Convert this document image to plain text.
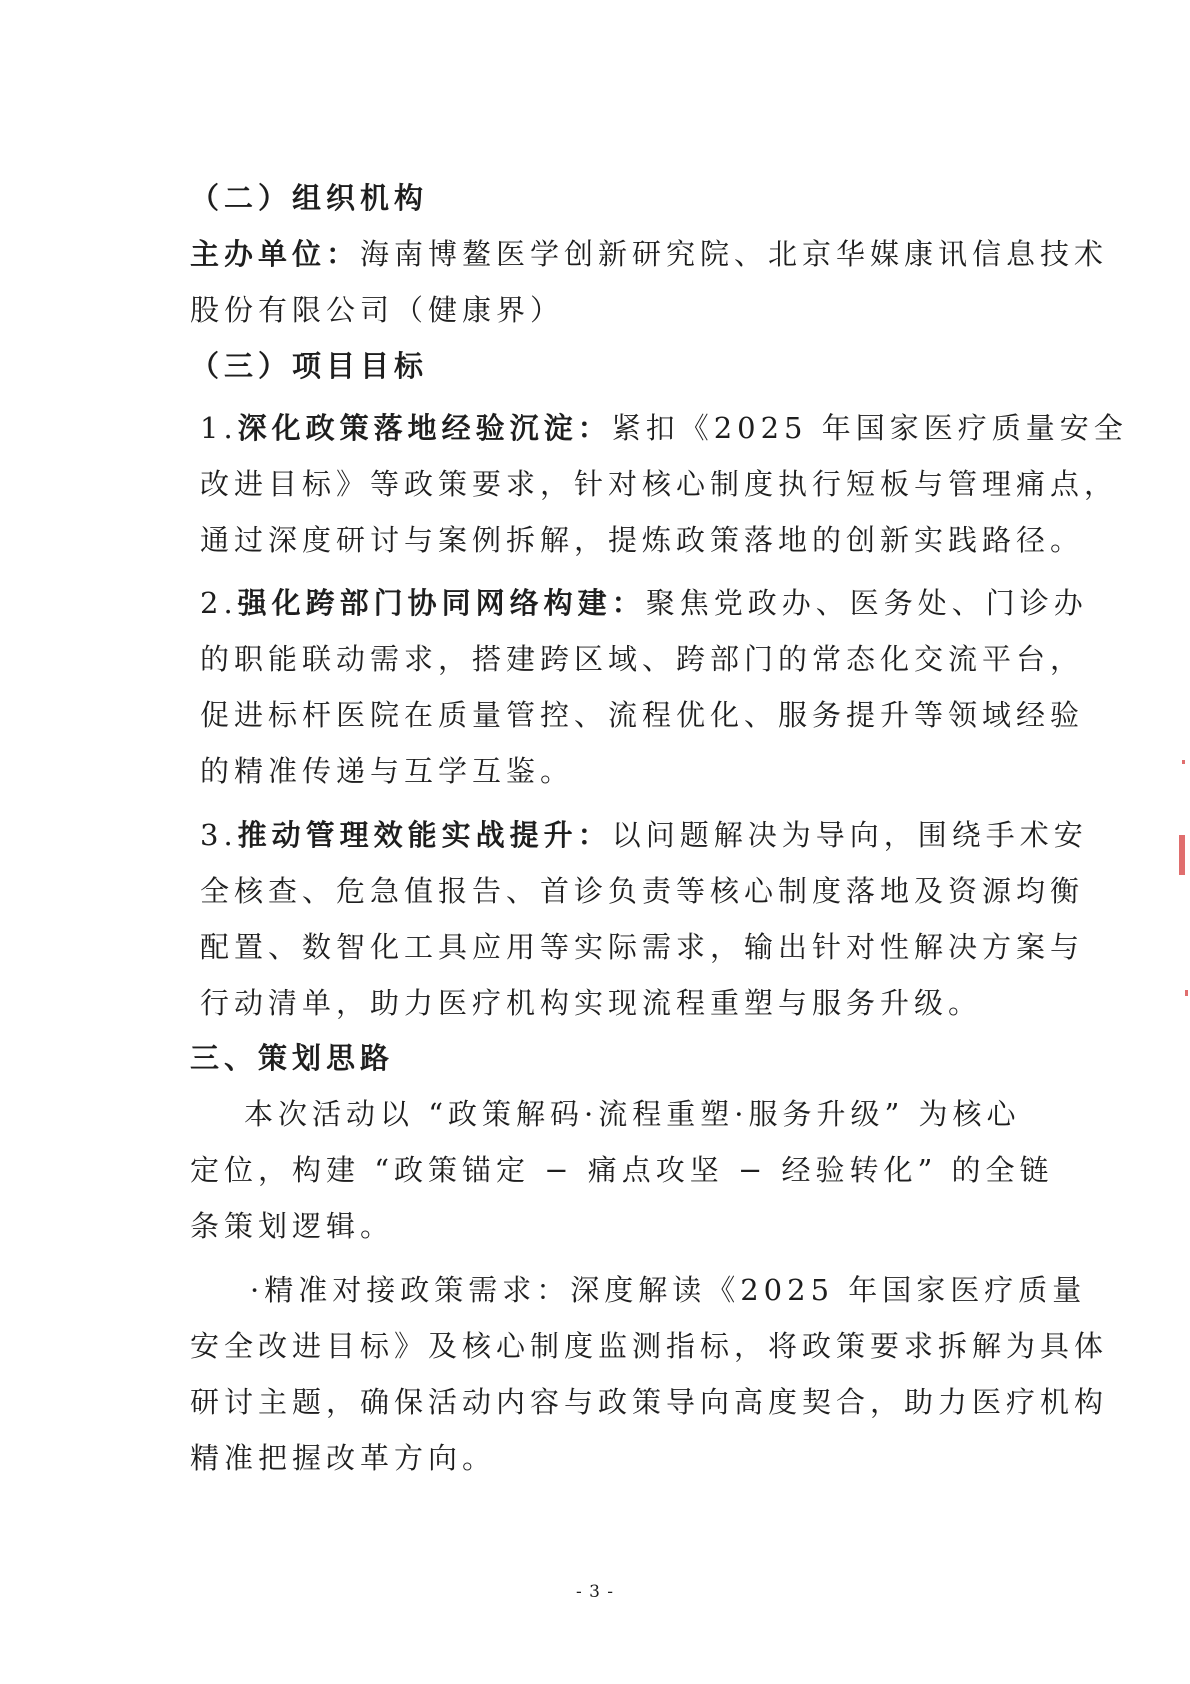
（二）组织机构
主办单位：海南博鳌医学创新研究院、北京华媒康讯信息技术
股份有限公司（健康界）
（三）项目目标
1.深化政策落地经验沉淀：紧扣《2025 年国家医疗质量安全
改进目标》等政策要求，针对核心制度执行短板与管理痛点，
通过深度研讨与案例拆解，提炼政策落地的创新实践路径。
2.强化跨部门协同网络构建：聚焦党政办、医务处、门诊办
的职能联动需求，搭建跨区域、跨部门的常态化交流平台，
促进标杆医院在质量管控、流程优化、服务提升等领域经验
的精准传递与互学互鉴。
3.推动管理效能实战提升：以问题解决为导向，围绕手术安
全核查、危急值报告、首诊负责等核心制度落地及资源均衡
配置、数智化工具应用等实际需求，输出针对性解决方案与
行动清单，助力医疗机构实现流程重塑与服务升级。
三、策划思路
本次活动以 “政策解码·流程重塑·服务升级” 为核心
定位，构建 “政策锚定 − 痛点攻坚 − 经验转化” 的全链
条策划逻辑。
·精准对接政策需求：深度解读《2025 年国家医疗质量
安全改进目标》及核心制度监测指标，将政策要求拆解为具体
研讨主题，确保活动内容与政策导向高度契合，助力医疗机构
精准把握改革方向。
- 3 -
